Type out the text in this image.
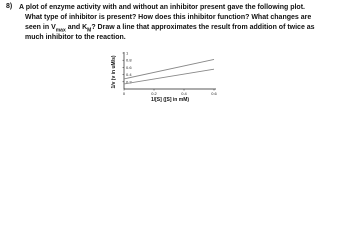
8) A plot of enzyme activity with and without an inhibitor present gave the following plot.
What type of inhibitor is present? How does this inhibitor function? What changes are
seen in $V_{max}$ and $K_M$? Draw a line that approximates the result from addition of twice as
much inhibitor to the reaction.
0	0.2	0.4	0.6
0.2
0.4
0.6
0.8
1
1/[S] ([S] in mM)
1/v (v in uM/s)
